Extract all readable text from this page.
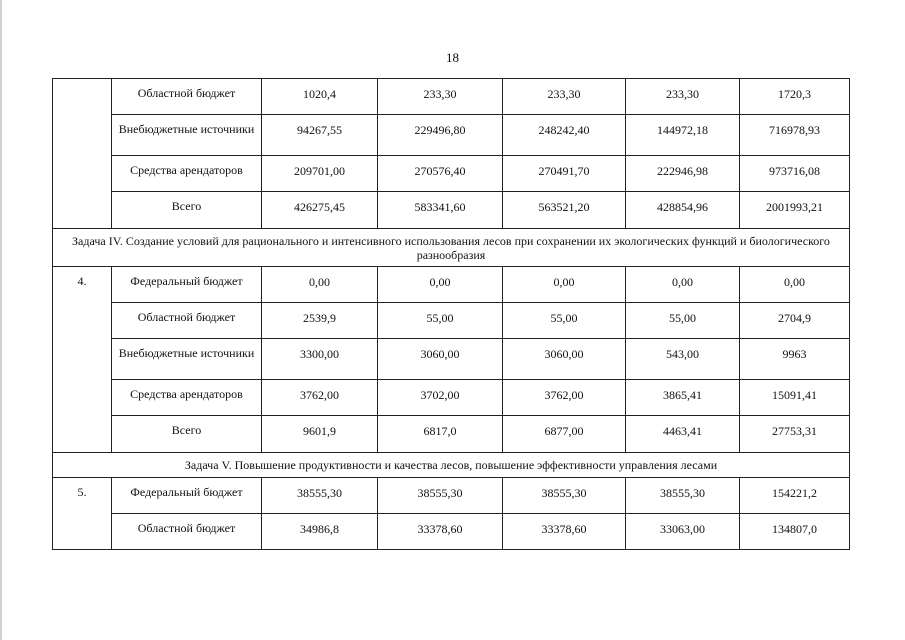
18
	Областной бюджет	1020,4	233,30	233,30	233,30	1720,3
	Внебюджетные источники	94267,55	229496,80	248242,40	144972,18	716978,93
	Средства арендаторов	209701,00	270576,40	270491,70	222946,98	973716,08
	Всего	426275,45	583341,60	563521,20	428854,96	2001993,21
Задача IV. Создание условий для рационального и интенсивного использования лесов при сохранении их экологических функций и биологического разнообразия						
4.	Федеральный бюджет	0,00	0,00	0,00	0,00	0,00
	Областной бюджет	2539,9	55,00	55,00	55,00	2704,9
	Внебюджетные источники	3300,00	3060,00	3060,00	543,00	9963
	Средства арендаторов	3762,00	3702,00	3762,00	3865,41	15091,41
	Всего	9601,9	6817,0	6877,00	4463,41	27753,31
Задача V. Повышение продуктивности и качества лесов, повышение эффективности управления лесами						
5.	Федеральный бюджет	38555,30	38555,30	38555,30	38555,30	154221,2
	Областной бюджет	34986,8	33378,60	33378,60	33063,00	134807,0
